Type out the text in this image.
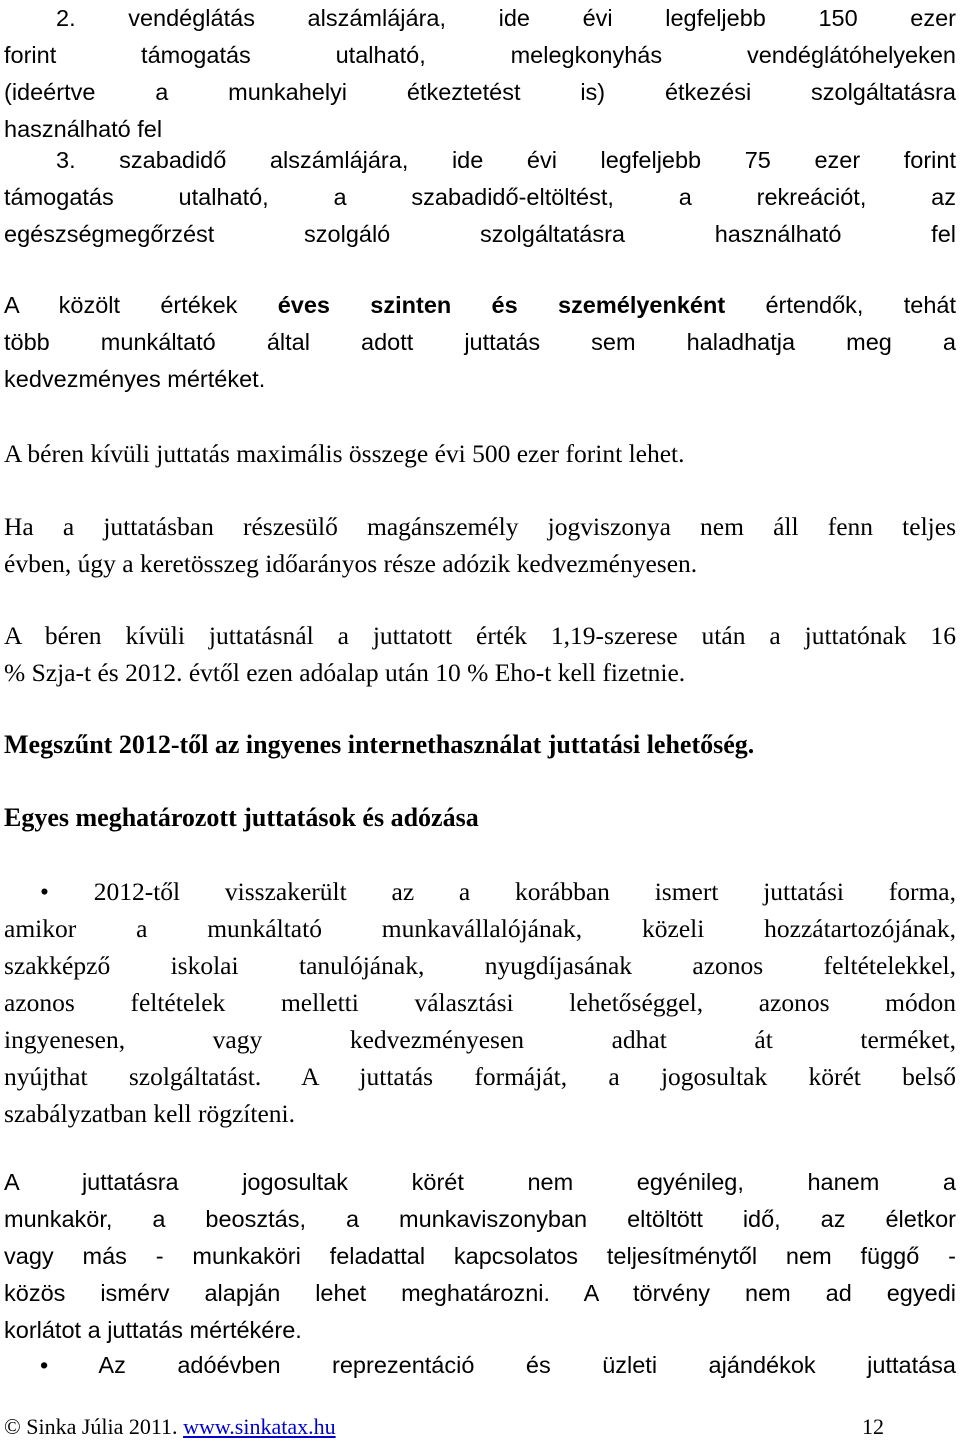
2. vendéglátás alszámlájára, ide évi legfeljebb 150 ezer
forint támogatás utalható, melegkonyhás vendéglátóhelyeken
(ideértve a munkahelyi étkeztetést is) étkezési szolgáltatásra
használható fel
3. szabadidő alszámlájára, ide évi legfeljebb 75 ezer forint
támogatás utalható, a szabadidő-eltöltést, a rekreációt, az
egészségmegőrzést szolgáló szolgáltatásra használható fel
A közölt értékek éves szinten és személyenként értendők, tehát
több munkáltató által adott juttatás sem haladhatja meg a
kedvezményes mértéket.
A béren kívüli juttatás maximális összege évi 500 ezer forint lehet.
Ha a juttatásban részesülő magánszemély jogviszonya nem áll fenn teljes
évben, úgy a keretösszeg időarányos része adózik kedvezményesen.
A béren kívüli juttatásnál a juttatott érték 1,19-szerese után a juttatónak 16
% Szja-t és 2012. évtől ezen adóalap után 10 % Eho-t kell fizetnie.
Megszűnt 2012-től az ingyenes internethasználat juttatási lehetőség.
Egyes meghatározott juttatások és adózása
• 2012-től visszakerült az a korábban ismert juttatási forma,
amikor a munkáltató munkavállalójának, közeli hozzátartozójának,
szakképző iskolai tanulójának, nyugdíjasának azonos feltételekkel,
azonos feltételek melletti választási lehetőséggel, azonos módon
ingyenesen, vagy kedvezményesen adhat át terméket,
nyújthat szolgáltatást. A juttatás formáját, a jogosultak körét belső
szabályzatban kell rögzíteni.
A juttatásra jogosultak körét nem egyénileg, hanem a
munkakör, a beosztás, a munkaviszonyban eltöltött idő, az életkor
vagy más - munkaköri feladattal kapcsolatos teljesítménytől nem függő -
közös ismérv alapján lehet meghatározni. A törvény nem ad egyedi
korlátot a juttatás mértékére.
• Az adóévben reprezentáció és üzleti ajándékok juttatása
© Sinka Júlia 2011. www.sinkatax.hu	12
